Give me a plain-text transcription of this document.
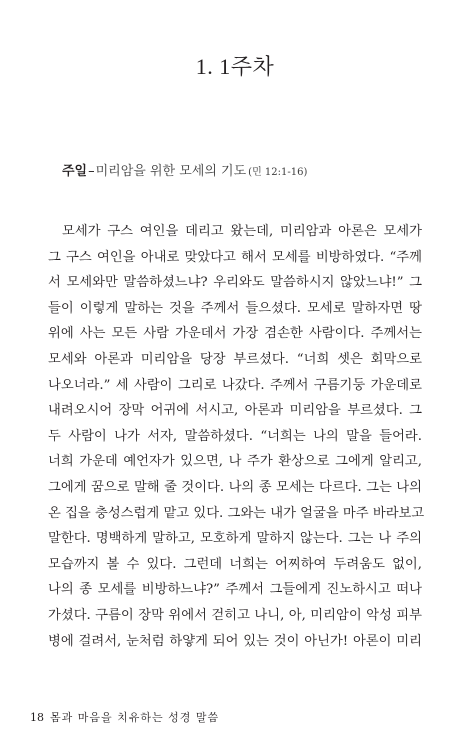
1. 1주차
주일–미리암을 위한 모세의 기도 (민 12:1-16)
모세가 구스 여인을 데리고 왔는데, 미리암과 아론은 모세가
그 구스 여인을 아내로 맞았다고 해서 모세를 비방하였다. “주께
서 모세와만 말씀하셨느냐? 우리와도 말씀하시지 않았느냐!” 그
들이 이렇게 말하는 것을 주께서 들으셨다. 모세로 말하자면 땅
위에 사는 모든 사람 가운데서 가장 겸손한 사람이다. 주께서는
모세와 아론과 미리암을 당장 부르셨다. “너희 셋은 회막으로
나오너라.” 세 사람이 그리로 나갔다. 주께서 구름기둥 가운데로
내려오시어 장막 어귀에 서시고, 아론과 미리암을 부르셨다. 그
두 사람이 나가 서자, 말씀하셨다. “너희는 나의 말을 들어라.
너희 가운데 예언자가 있으면, 나 주가 환상으로 그에게 알리고,
그에게 꿈으로 말해 줄 것이다. 나의 종 모세는 다르다. 그는 나의
온 집을 충성스럽게 맡고 있다. 그와는 내가 얼굴을 마주 바라보고
말한다. 명백하게 말하고, 모호하게 말하지 않는다. 그는 나 주의
모습까지 볼 수 있다. 그런데 너희는 어찌하여 두려움도 없이,
나의 종 모세를 비방하느냐?” 주께서 그들에게 진노하시고 떠나
가셨다. 구름이 장막 위에서 걷히고 나니, 아, 미리암이 악성 피부
병에 걸려서, 눈처럼 하얗게 되어 있는 것이 아닌가! 아론이 미리
18 몸과 마음을 치유하는 성경 말씀
